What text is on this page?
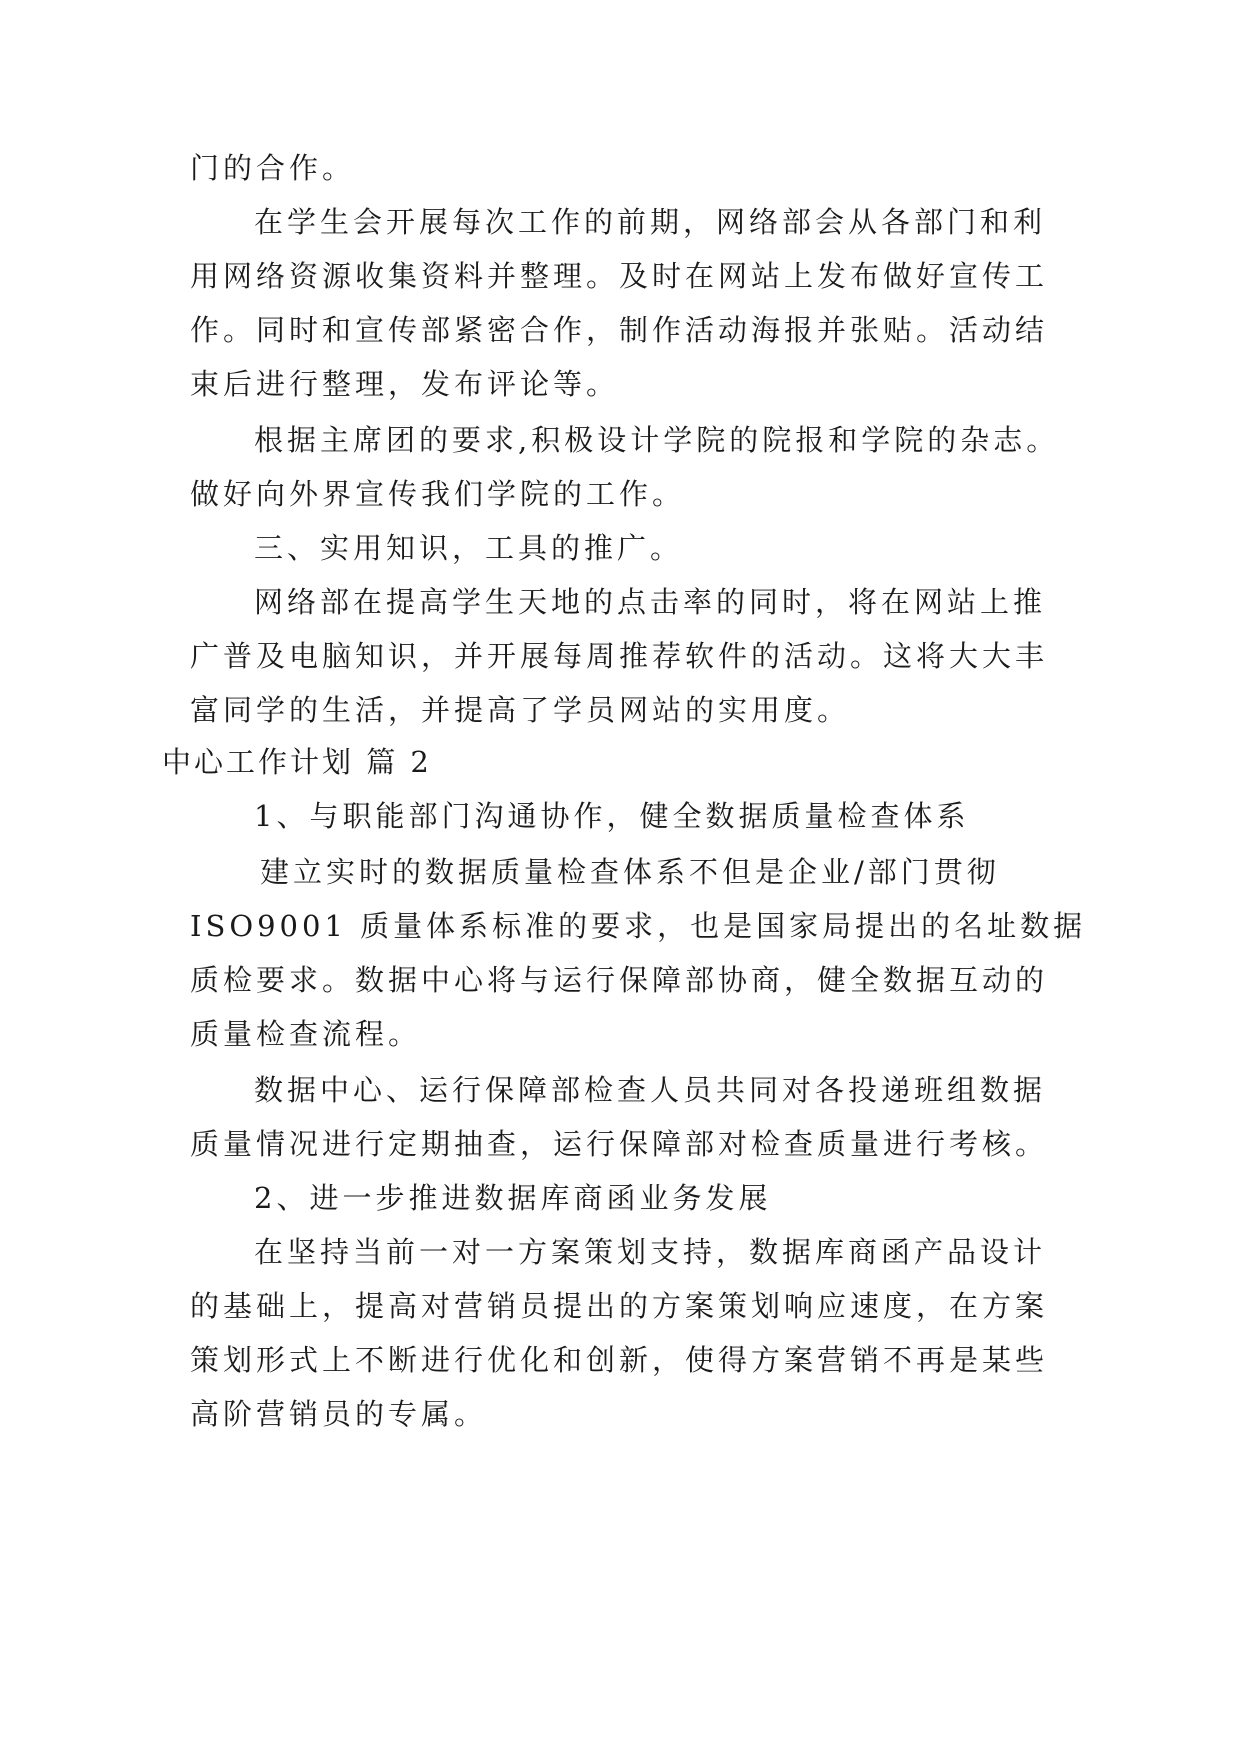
门的合作。
在学生会开展每次工作的前期，网络部会从各部门和利
用网络资源收集资料并整理。及时在网站上发布做好宣传工
作。同时和宣传部紧密合作，制作活动海报并张贴。活动结
束后进行整理，发布评论等。
根据主席团的要求,积极设计学院的院报和学院的杂志。
做好向外界宣传我们学院的工作。
三、实用知识，工具的推广。
网络部在提高学生天地的点击率的同时，将在网站上推
广普及电脑知识，并开展每周推荐软件的活动。这将大大丰
富同学的生活，并提高了学员网站的实用度。
中心工作计划 篇 2
1、与职能部门沟通协作，健全数据质量检查体系
建立实时的数据质量检查体系不但是企业/部门贯彻
ISO9001 质量体系标准的要求，也是国家局提出的名址数据
质检要求。数据中心将与运行保障部协商，健全数据互动的
质量检查流程。
数据中心、运行保障部检查人员共同对各投递班组数据
质量情况进行定期抽查，运行保障部对检查质量进行考核。
2、进一步推进数据库商函业务发展
在坚持当前一对一方案策划支持，数据库商函产品设计
的基础上，提高对营销员提出的方案策划响应速度，在方案
策划形式上不断进行优化和创新，使得方案营销不再是某些
高阶营销员的专属。
